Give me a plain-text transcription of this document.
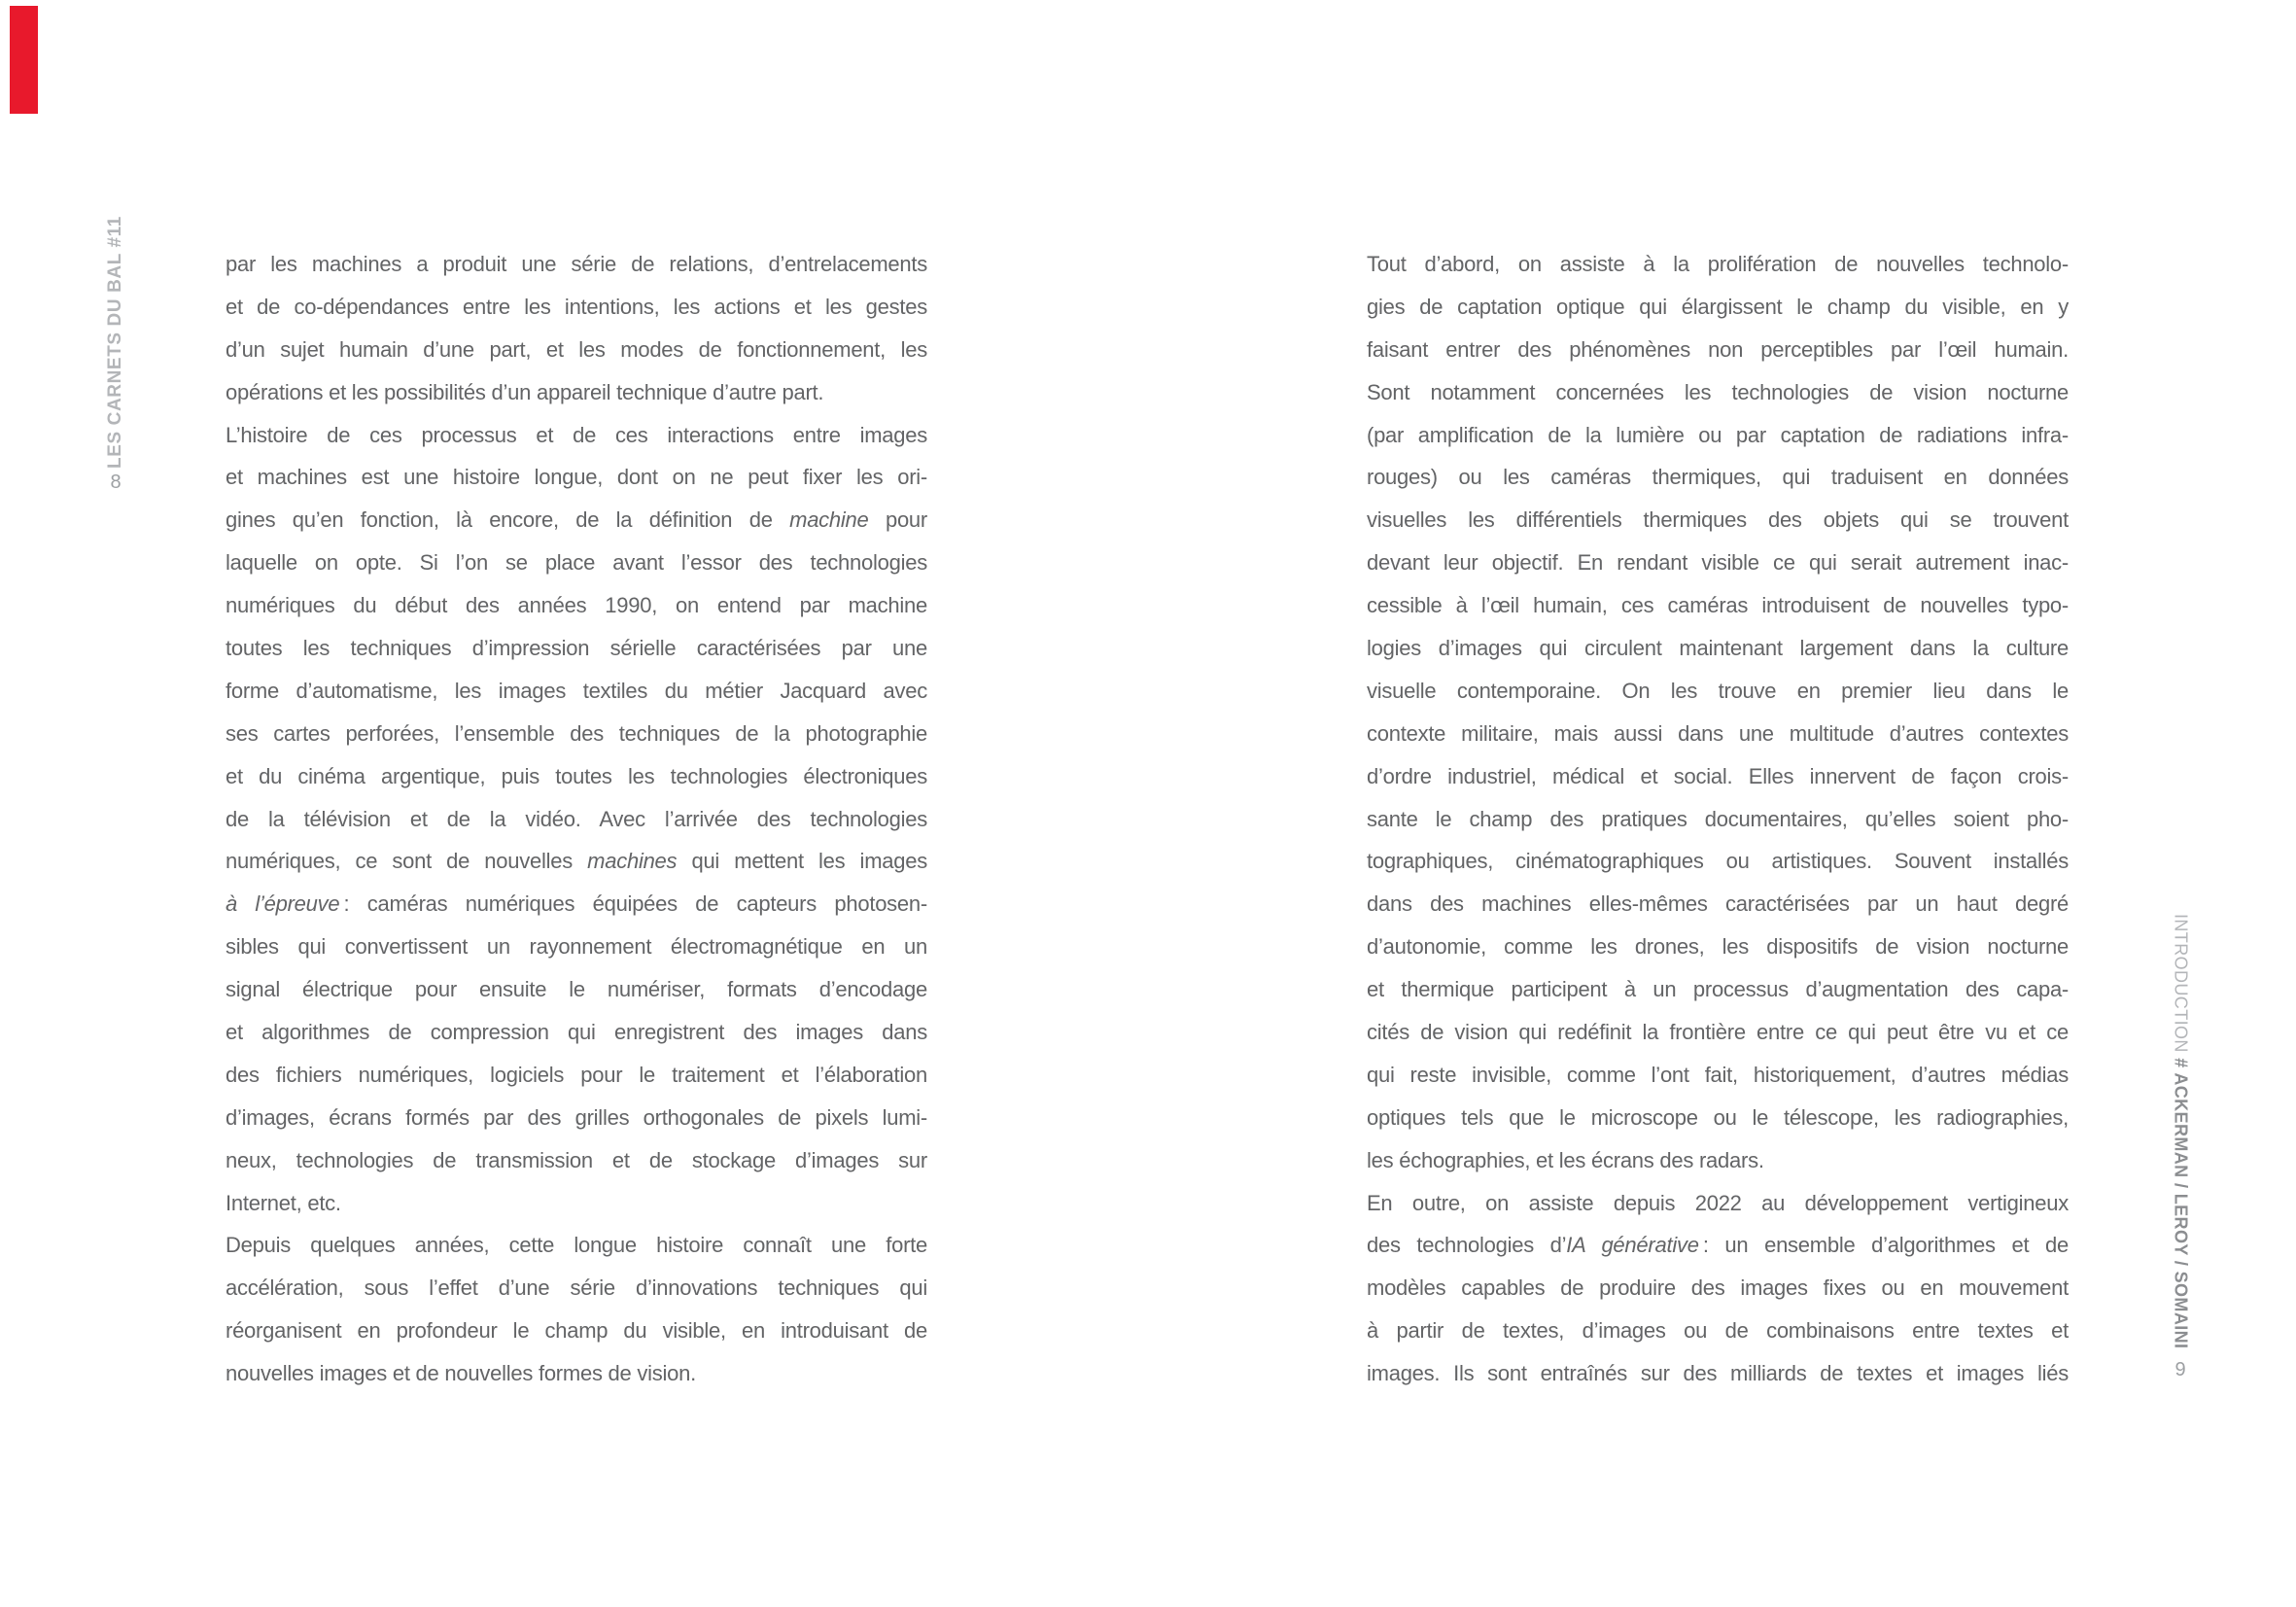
LES CARNETS DU BAL #11
8
par les machines a produit une série de relations, d’entrelacements
et de co-dépendances entre les intentions, les actions et les gestes
d’un sujet humain d’une part, et les modes de fonctionnement, les
opérations et les possibilités d’un appareil technique d’autre part.
L’histoire de ces processus et de ces interactions entre images
et machines est une histoire longue, dont on ne peut fixer les ori-
gines qu’en fonction, là encore, de la définition de machine pour
laquelle on opte. Si l’on se place avant l’essor des technologies
numériques du début des années 1990, on entend par machine
toutes les techniques d’impression sérielle caractérisées par une
forme d’automatisme, les images textiles du métier Jacquard avec
ses cartes perforées, l’ensemble des techniques de la photographie
et du cinéma argentique, puis toutes les technologies électroniques
de la télévision et de la vidéo. Avec l’arrivée des technologies
numériques, ce sont de nouvelles machines qui mettent les images
à l’épreuve : caméras numériques équipées de capteurs photosen-
sibles qui convertissent un rayonnement électromagnétique en un
signal électrique pour ensuite le numériser, formats d’encodage
et algorithmes de compression qui enregistrent des images dans
des fichiers numériques, logiciels pour le traitement et l’élaboration
d’images, écrans formés par des grilles orthogonales de pixels lumi-
neux, technologies de transmission et de stockage d’images sur
Internet, etc.
Depuis quelques années, cette longue histoire connaît une forte
accélération, sous l’effet d’une série d’innovations techniques qui
réorganisent en profondeur le champ du visible, en introduisant de
nouvelles images et de nouvelles formes de vision.
Tout d’abord, on assiste à la prolifération de nouvelles technolo-
gies de captation optique qui élargissent le champ du visible, en y
faisant entrer des phénomènes non perceptibles par l’œil humain.
Sont notamment concernées les technologies de vision nocturne
(par amplification de la lumière ou par captation de radiations infra-
rouges) ou les caméras thermiques, qui traduisent en données
visuelles les différentiels thermiques des objets qui se trouvent
devant leur objectif. En rendant visible ce qui serait autrement inac-
cessible à l’œil humain, ces caméras introduisent de nouvelles typo-
logies d’images qui circulent maintenant largement dans la culture
visuelle contemporaine. On les trouve en premier lieu dans le
contexte militaire, mais aussi dans une multitude d’autres contextes
d’ordre industriel, médical et social. Elles innervent de façon crois-
sante le champ des pratiques documentaires, qu’elles soient pho-
tographiques, cinématographiques ou artistiques. Souvent installés
dans des machines elles-mêmes caractérisées par un haut degré
d’autonomie, comme les drones, les dispositifs de vision nocturne
et thermique participent à un processus d’augmentation des capa-
cités de vision qui redéfinit la frontière entre ce qui peut être vu et ce
qui reste invisible, comme l’ont fait, historiquement, d’autres médias
optiques tels que le microscope ou le télescope, les radiographies,
les échographies, et les écrans des radars.
En outre, on assiste depuis 2022 au développement vertigineux
des technologies d’IA générative : un ensemble d’algorithmes et de
modèles capables de produire des images fixes ou en mouvement
à partir de textes, d’images ou de combinaisons entre textes et
images. Ils sont entraînés sur des milliards de textes et images liés
INTRODUCTION # ACKERMAN / LEROY / SOMAINI
9
